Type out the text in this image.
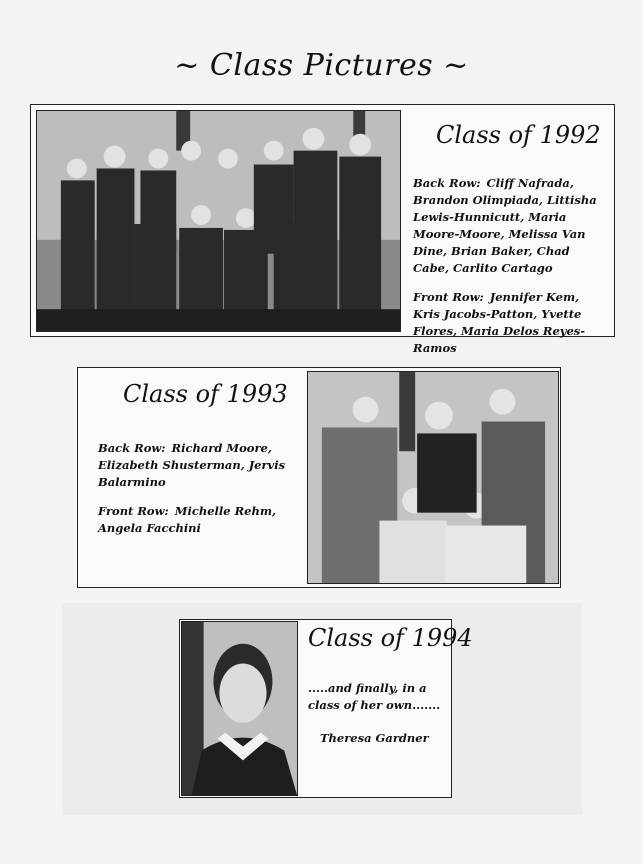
~ Class Pictures ~
Class of 1992

Back Row: Cliff Nafrada, Brandon Olimpiada, Littisha Lewis-Hunnicutt, Maria Moore-Moore, Melissa Van Dine, Brian Baker, Chad Cabe, Carlito Cartago

Front Row: Jennifer Kem, Kris Jacobs-Patton, Yvette Flores, Maria Delos Reyes-Ramos

Class of 1993

Back Row: Richard Moore, Elizabeth Shusterman, Jervis Balarmino

Front Row: Michelle Rehm, Angela Facchini

Class of 1994
.....and finally, in a class of her own.......
Theresa Gardner
